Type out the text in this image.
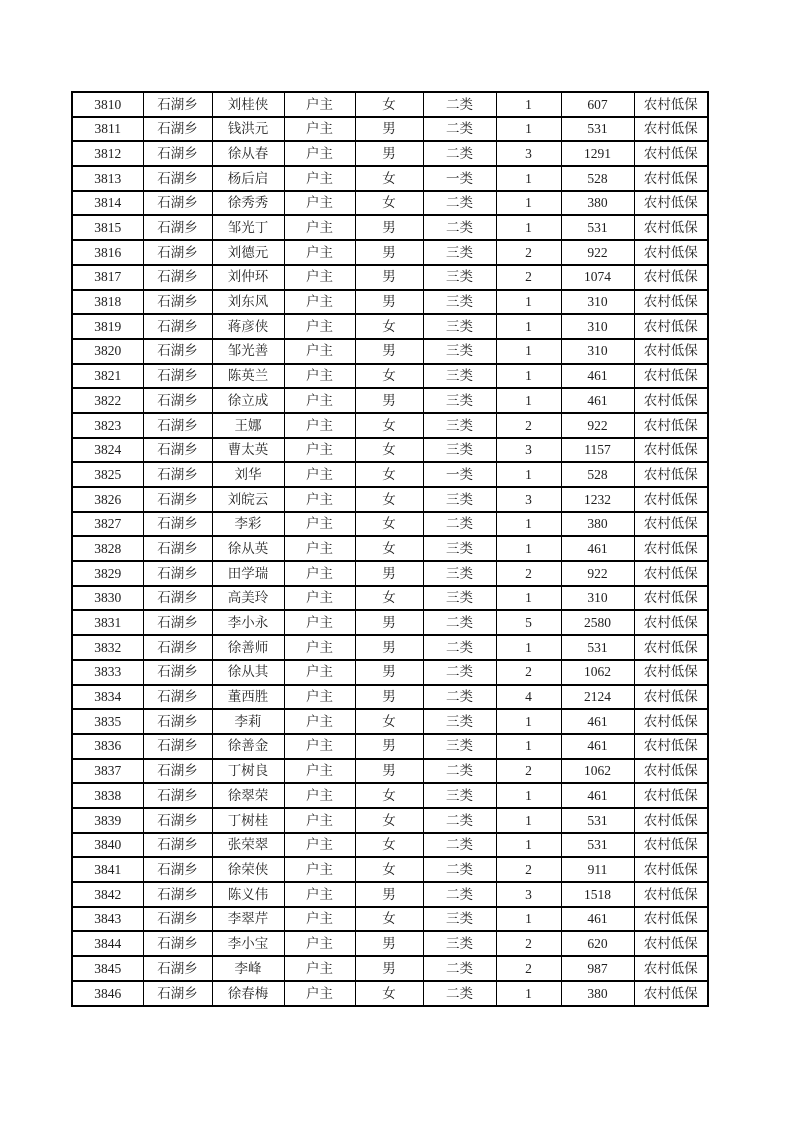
3810	石湖乡	刘桂侠	户主	女	二类	1	607	农村低保
3811	石湖乡	钱洪元	户主	男	二类	1	531	农村低保
3812	石湖乡	徐从春	户主	男	二类	3	1291	农村低保
3813	石湖乡	杨后启	户主	女	一类	1	528	农村低保
3814	石湖乡	徐秀秀	户主	女	二类	1	380	农村低保
3815	石湖乡	邹光丁	户主	男	二类	1	531	农村低保
3816	石湖乡	刘德元	户主	男	三类	2	922	农村低保
3817	石湖乡	刘仲环	户主	男	三类	2	1074	农村低保
3818	石湖乡	刘东风	户主	男	三类	1	310	农村低保
3819	石湖乡	蒋彦侠	户主	女	三类	1	310	农村低保
3820	石湖乡	邹光善	户主	男	三类	1	310	农村低保
3821	石湖乡	陈英兰	户主	女	三类	1	461	农村低保
3822	石湖乡	徐立成	户主	男	三类	1	461	农村低保
3823	石湖乡	王娜	户主	女	三类	2	922	农村低保
3824	石湖乡	曹太英	户主	女	三类	3	1157	农村低保
3825	石湖乡	刘华	户主	女	一类	1	528	农村低保
3826	石湖乡	刘皖云	户主	女	三类	3	1232	农村低保
3827	石湖乡	李彩	户主	女	二类	1	380	农村低保
3828	石湖乡	徐从英	户主	女	三类	1	461	农村低保
3829	石湖乡	田学瑞	户主	男	三类	2	922	农村低保
3830	石湖乡	高美玲	户主	女	三类	1	310	农村低保
3831	石湖乡	李小永	户主	男	二类	5	2580	农村低保
3832	石湖乡	徐善师	户主	男	二类	1	531	农村低保
3833	石湖乡	徐从其	户主	男	二类	2	1062	农村低保
3834	石湖乡	董西胜	户主	男	二类	4	2124	农村低保
3835	石湖乡	李莉	户主	女	三类	1	461	农村低保
3836	石湖乡	徐善金	户主	男	三类	1	461	农村低保
3837	石湖乡	丁树良	户主	男	二类	2	1062	农村低保
3838	石湖乡	徐翠荣	户主	女	三类	1	461	农村低保
3839	石湖乡	丁树桂	户主	女	二类	1	531	农村低保
3840	石湖乡	张荣翠	户主	女	二类	1	531	农村低保
3841	石湖乡	徐荣侠	户主	女	二类	2	911	农村低保
3842	石湖乡	陈义伟	户主	男	二类	3	1518	农村低保
3843	石湖乡	李翠芹	户主	女	三类	1	461	农村低保
3844	石湖乡	李小宝	户主	男	三类	2	620	农村低保
3845	石湖乡	李峰	户主	男	二类	2	987	农村低保
3846	石湖乡	徐春梅	户主	女	二类	1	380	农村低保
